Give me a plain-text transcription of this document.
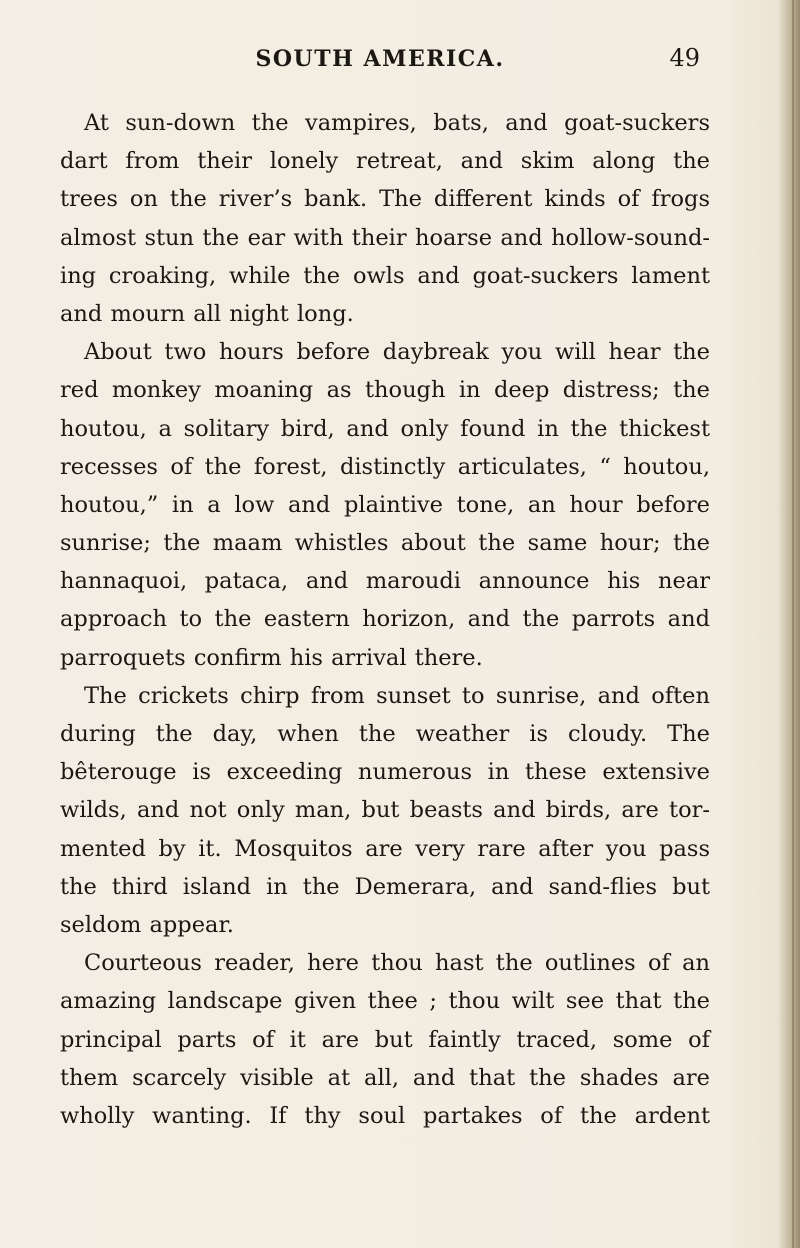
SOUTH AMERICA.	49
At sun-down the vampires, bats, and goat-suckers
dart from their lonely retreat, and skim along the
trees on the river’s bank. The different kinds of frogs
almost stun the ear with their hoarse and hollow-sound-
ing croaking, while the owls and goat-suckers lament
and mourn all night long.
About two hours before daybreak you will hear the
red monkey moaning as though in deep distress; the
houtou, a solitary bird, and only found in the thickest
recesses of the forest, distinctly articulates, “ houtou,
houtou,” in a low and plaintive tone, an hour before
sunrise; the maam whistles about the same hour; the
hannaquoi, pataca, and maroudi announce his near
approach to the eastern horizon, and the parrots and
parroquets confirm his arrival there.
The crickets chirp from sunset to sunrise, and often
during the day, when the weather is cloudy. The
bêterouge is exceeding numerous in these extensive
wilds, and not only man, but beasts and birds, are tor-
mented by it. Mosquitos are very rare after you pass
the third island in the Demerara, and sand-flies but
seldom appear.
Courteous reader, here thou hast the outlines of an
amazing landscape given thee ; thou wilt see that the
principal parts of it are but faintly traced, some of
them scarcely visible at all, and that the shades are
wholly wanting. If thy soul partakes of the ardent
